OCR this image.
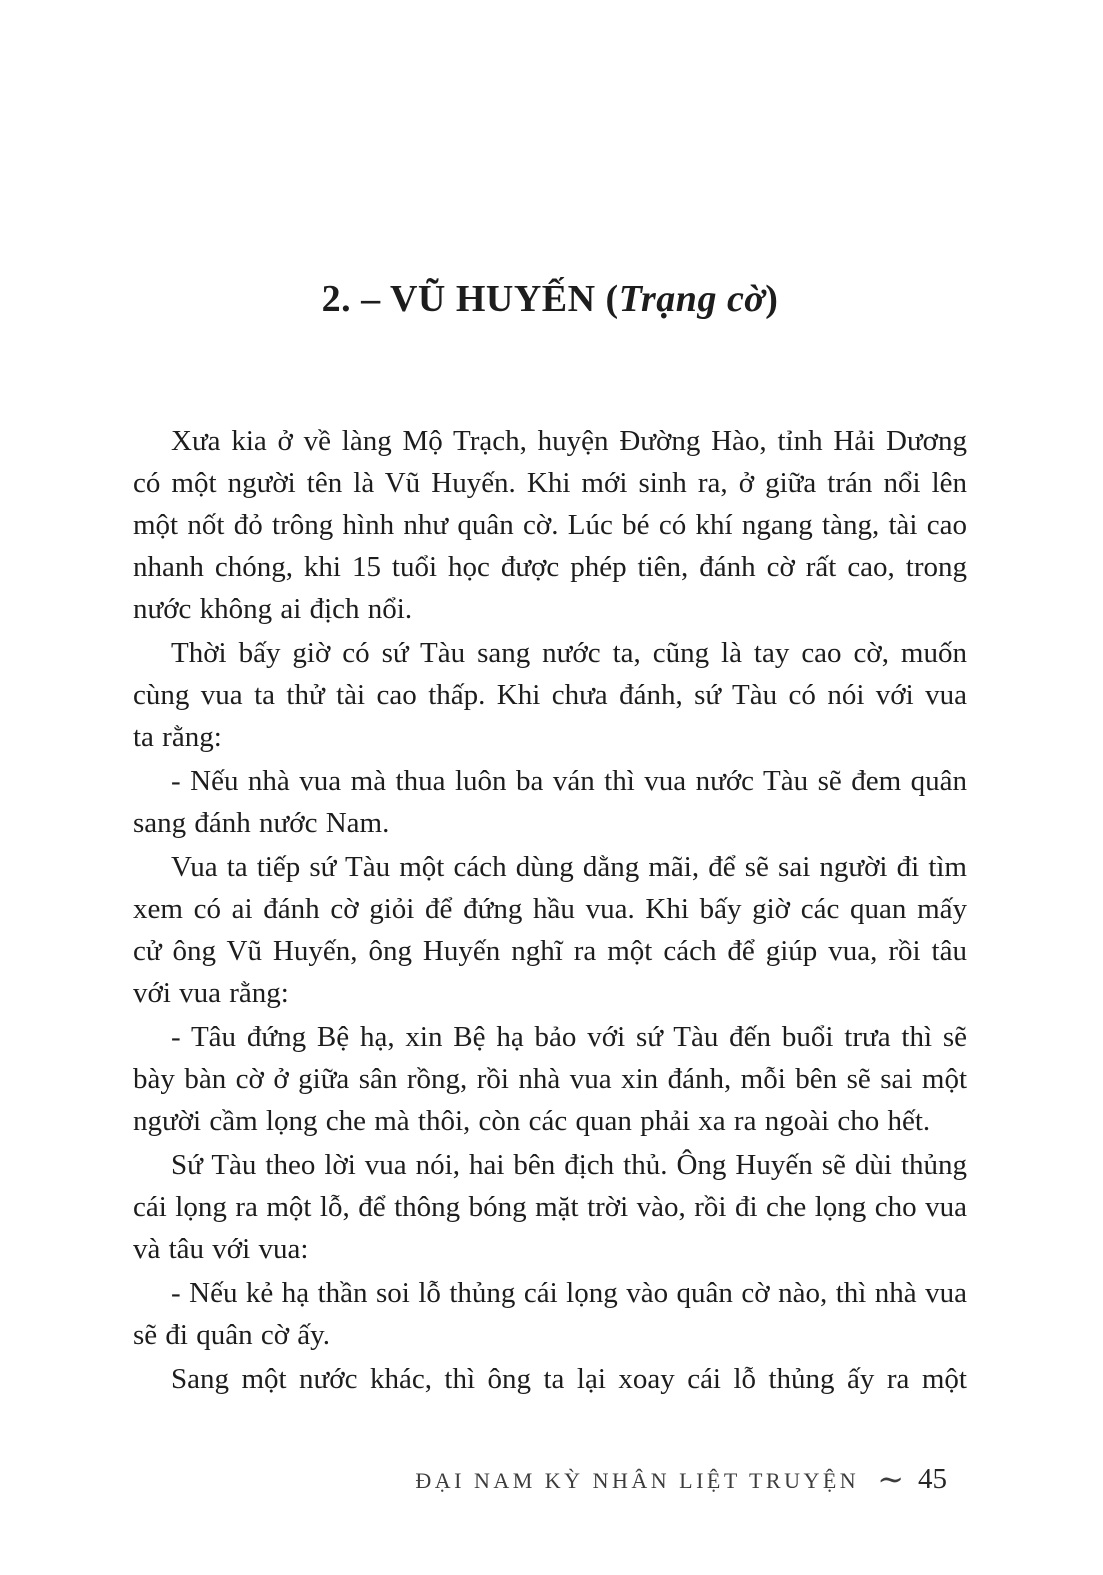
2. – VŨ HUYẾN (Trạng cờ)
Xưa kia ở về làng Mộ Trạch, huyện Đường Hào, tỉnh Hải Dương
có một người tên là Vũ Huyến. Khi mới sinh ra, ở giữa trán nổi lên
một nốt đỏ trông hình như quân cờ. Lúc bé có khí ngang tàng, tài cao
nhanh chóng, khi 15 tuổi học được phép tiên, đánh cờ rất cao, trong
nước không ai địch nổi.
Thời bấy giờ có sứ Tàu sang nước ta, cũng là tay cao cờ, muốn
cùng vua ta thử tài cao thấp. Khi chưa đánh, sứ Tàu có nói với vua
ta rằng:
- Nếu nhà vua mà thua luôn ba ván thì vua nước Tàu sẽ đem quân
sang đánh nước Nam.
Vua ta tiếp sứ Tàu một cách dùng dằng mãi, để sẽ sai người đi tìm
xem có ai đánh cờ giỏi để đứng hầu vua. Khi bấy giờ các quan mấy
cử ông Vũ Huyến, ông Huyến nghĩ ra một cách để giúp vua, rồi tâu
với vua rằng:
- Tâu đứng Bệ hạ, xin Bệ hạ bảo với sứ Tàu đến buổi trưa thì sẽ
bày bàn cờ ở giữa sân rồng, rồi nhà vua xin đánh, mỗi bên sẽ sai một
người cầm lọng che mà thôi, còn các quan phải xa ra ngoài cho hết.
Sứ Tàu theo lời vua nói, hai bên địch thủ. Ông Huyến sẽ dùi thủng
cái lọng ra một lỗ, để thông bóng mặt trời vào, rồi đi che lọng cho vua
và tâu với vua:
- Nếu kẻ hạ thần soi lỗ thủng cái lọng vào quân cờ nào, thì nhà vua
sẽ đi quân cờ ấy.
Sang một nước khác, thì ông ta lại xoay cái lỗ thủng ấy ra một
ĐẠI NAM KỲ NHÂN LIỆT TRUYỆN ∼ 45
